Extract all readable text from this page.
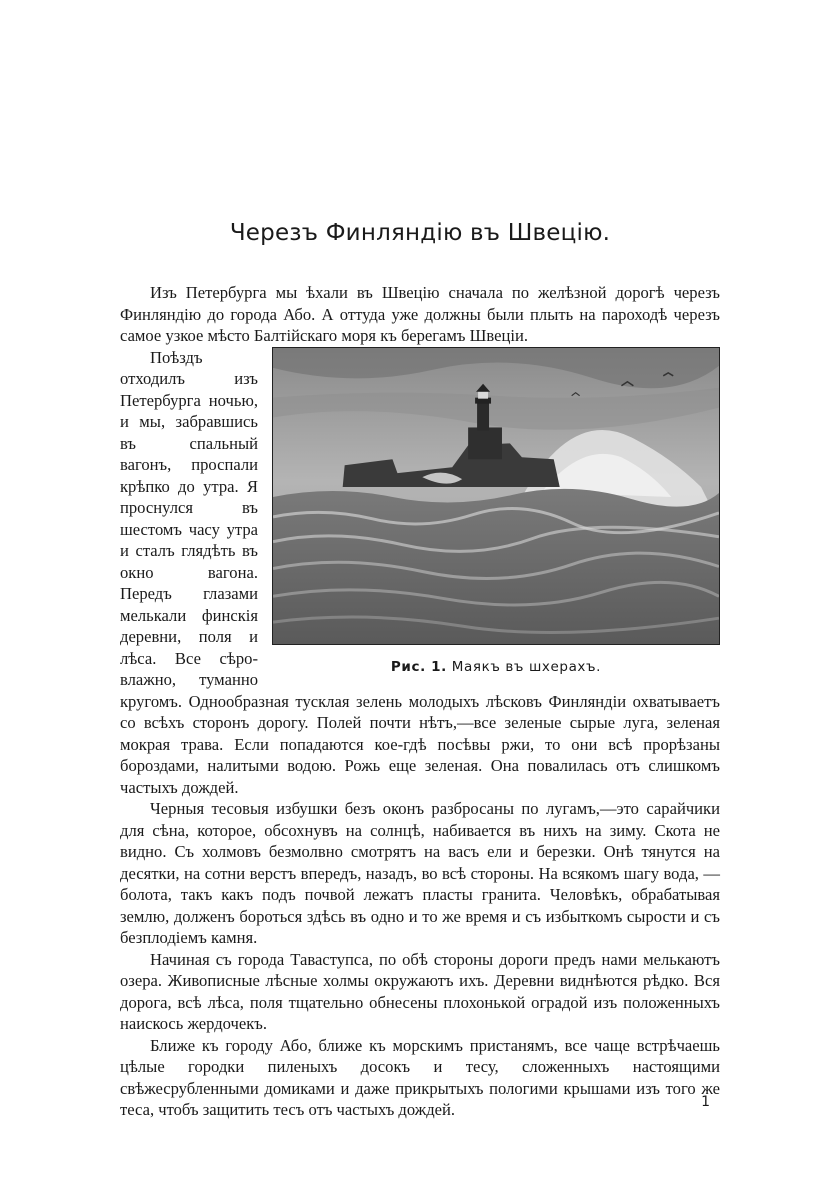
Черезъ Финляндію въ Швецію.

Изъ Петербурга мы ѣхали въ Швецію сначала по желѣзной дорогѣ черезъ Финляндію до города Або. А оттуда уже должны были плыть на пароходѣ черезъ самое узкое мѣсто Балтійскаго моря къ берегамъ Швеціи.

Рис. 1. Маякъ въ шхерахъ.
Поѣздъ отходилъ изъ Петербурга ночью, и мы, забравшись въ спальный вагонъ, проспали крѣпко до утра. Я проснулся въ шестомъ часу утра и сталъ глядѣть въ окно вагона. Передъ глазами мелькали финскія деревни, поля и лѣса. Все сѣро-влажно, туманно кругомъ. Однообразная тусклая зелень молодыхъ лѣсковъ Финляндіи охватываетъ со всѣхъ сторонъ дорогу. Полей почти нѣтъ,—все зеленые сырые луга, зеленая мокрая трава. Если попадаются кое-гдѣ посѣвы ржи, то они всѣ прорѣзаны бороздами, налитыми водою. Рожь еще зеленая. Она повалилась отъ слишкомъ частыхъ дождей.

Черныя тесовыя избушки безъ оконъ разбросаны по лугамъ,—это сарайчики для сѣна, которое, обсохнувъ на солнцѣ, набивается въ нихъ на зиму. Скота не видно. Съ холмовъ безмолвно смотрятъ на васъ ели и березки. Онѣ тянутся на десятки, на сотни верстъ впередъ, назадъ, во всѣ стороны. На всякомъ шагу вода, — болота, такъ какъ подъ почвой лежатъ пласты гранита. Человѣкъ, обрабатывая землю, долженъ бороться здѣсь въ одно и то же время и съ избыткомъ сырости и съ безплодіемъ камня.

Начиная съ города Таваступса, по обѣ стороны дороги предъ нами мелькаютъ озера. Живописные лѣсные холмы окружаютъ ихъ. Деревни виднѣются рѣдко. Вся дорога, всѣ лѣса, поля тщательно обнесены плохонькой оградой изъ положенныхъ наискось жердочекъ.

Ближе къ городу Або, ближе къ морскимъ пристанямъ, все чаще встрѣчаешь цѣлые городки пиленыхъ досокъ и тесу, сложенныхъ настоящими свѣжесрубленными домиками и даже прикрытыхъ пологими крышами изъ того же теса, чтобъ защитить тесъ отъ частыхъ дождей.	1
